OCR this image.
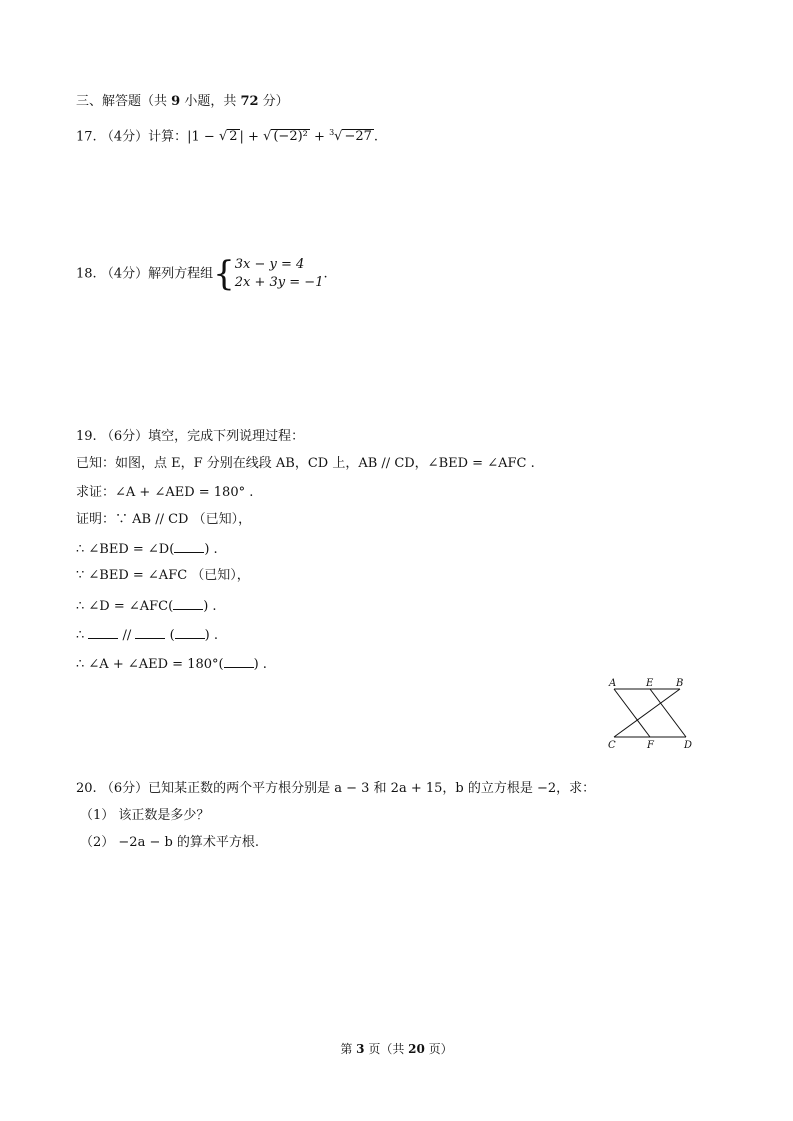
三、解答题（共 9 小题，共 72 分）
17. （4分）计算：|1 − √ 2 | + √ (−2)² + $^3$√ −27 .
18. （4分）解列方程组{ 3x − y = 4
2x + 3y = −1
.
19. （6分）填空，完成下列说理过程：
已知：如图，点 E，F 分别在线段 AB，CD 上，AB // CD，∠BED = ∠AFC .
求证：∠A + ∠AED = 180° .
证明：∵ AB // CD （已知），
∴ ∠BED = ∠D( ) .
∵ ∠BED = ∠AFC （已知），
∴ ∠D = ∠AFC( ) .
∴  //  ( ) .
∴ ∠A + ∠AED = 180°( ) .
A	E B
C	F	D
20. （6分）已知某正数的两个平方根分别是 a − 3 和 2a + 15，b 的立方根是 −2，求：
（1） 该正数是多少？
（2） −2a − b 的算术平方根.
第 3 页（共 20 页）
